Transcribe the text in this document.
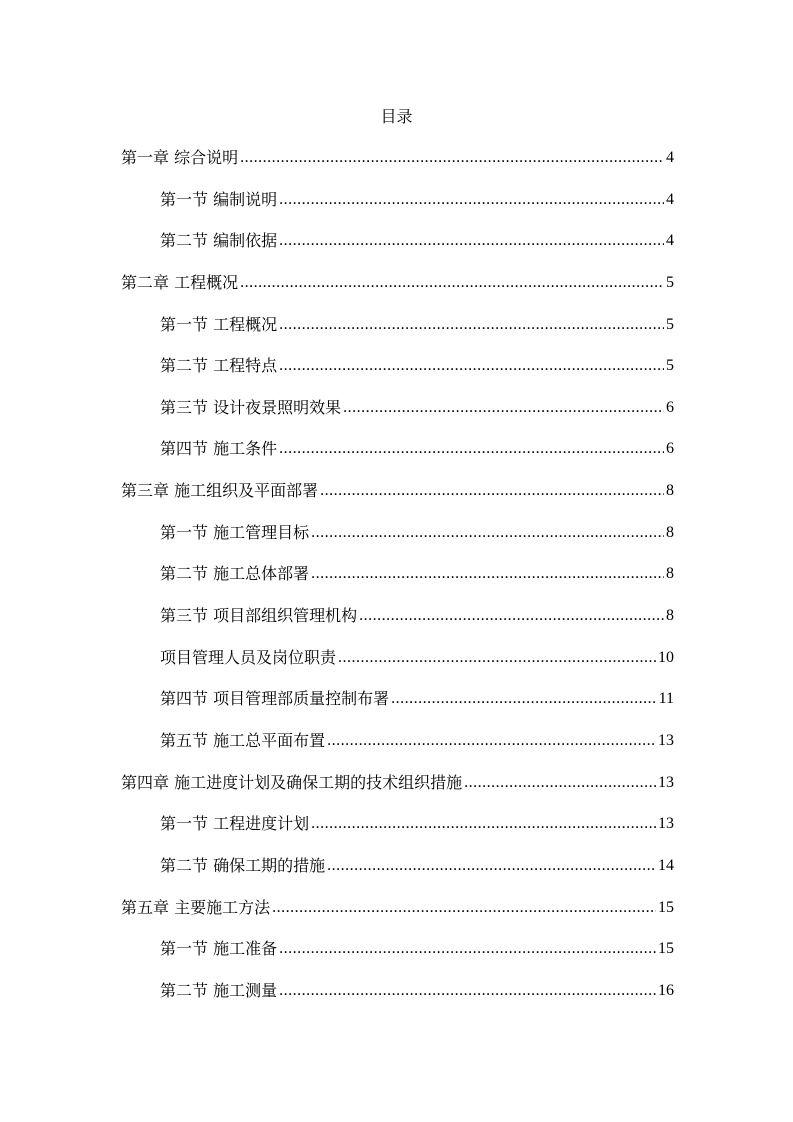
目录
第一章 综合说明 .....	4
第一节 编制说明 .....	4
第二节 编制依据 .....	4
第二章 工程概况 .....	5
第一节 工程概况 .....	5
第二节 工程特点 .....	5
第三节 设计夜景照明效果 .....	6
第四节 施工条件 .....	6
第三章 施工组织及平面部署 .....	8
第一节 施工管理目标 .....	8
第二节 施工总体部署 .....	8
第三节 项目部组织管理机构 .....	8
项目管理人员及岗位职责 .....	10
第四节 项目管理部质量控制布署 .....	11
第五节 施工总平面布置 .....	13
第四章 施工进度计划及确保工期的技术组织措施 .....	13
第一节 工程进度计划 .....	13
第二节 确保工期的措施 .....	14
第五章 主要施工方法 .....	15
第一节 施工准备 .....	15
第二节 施工测量 .....	16
